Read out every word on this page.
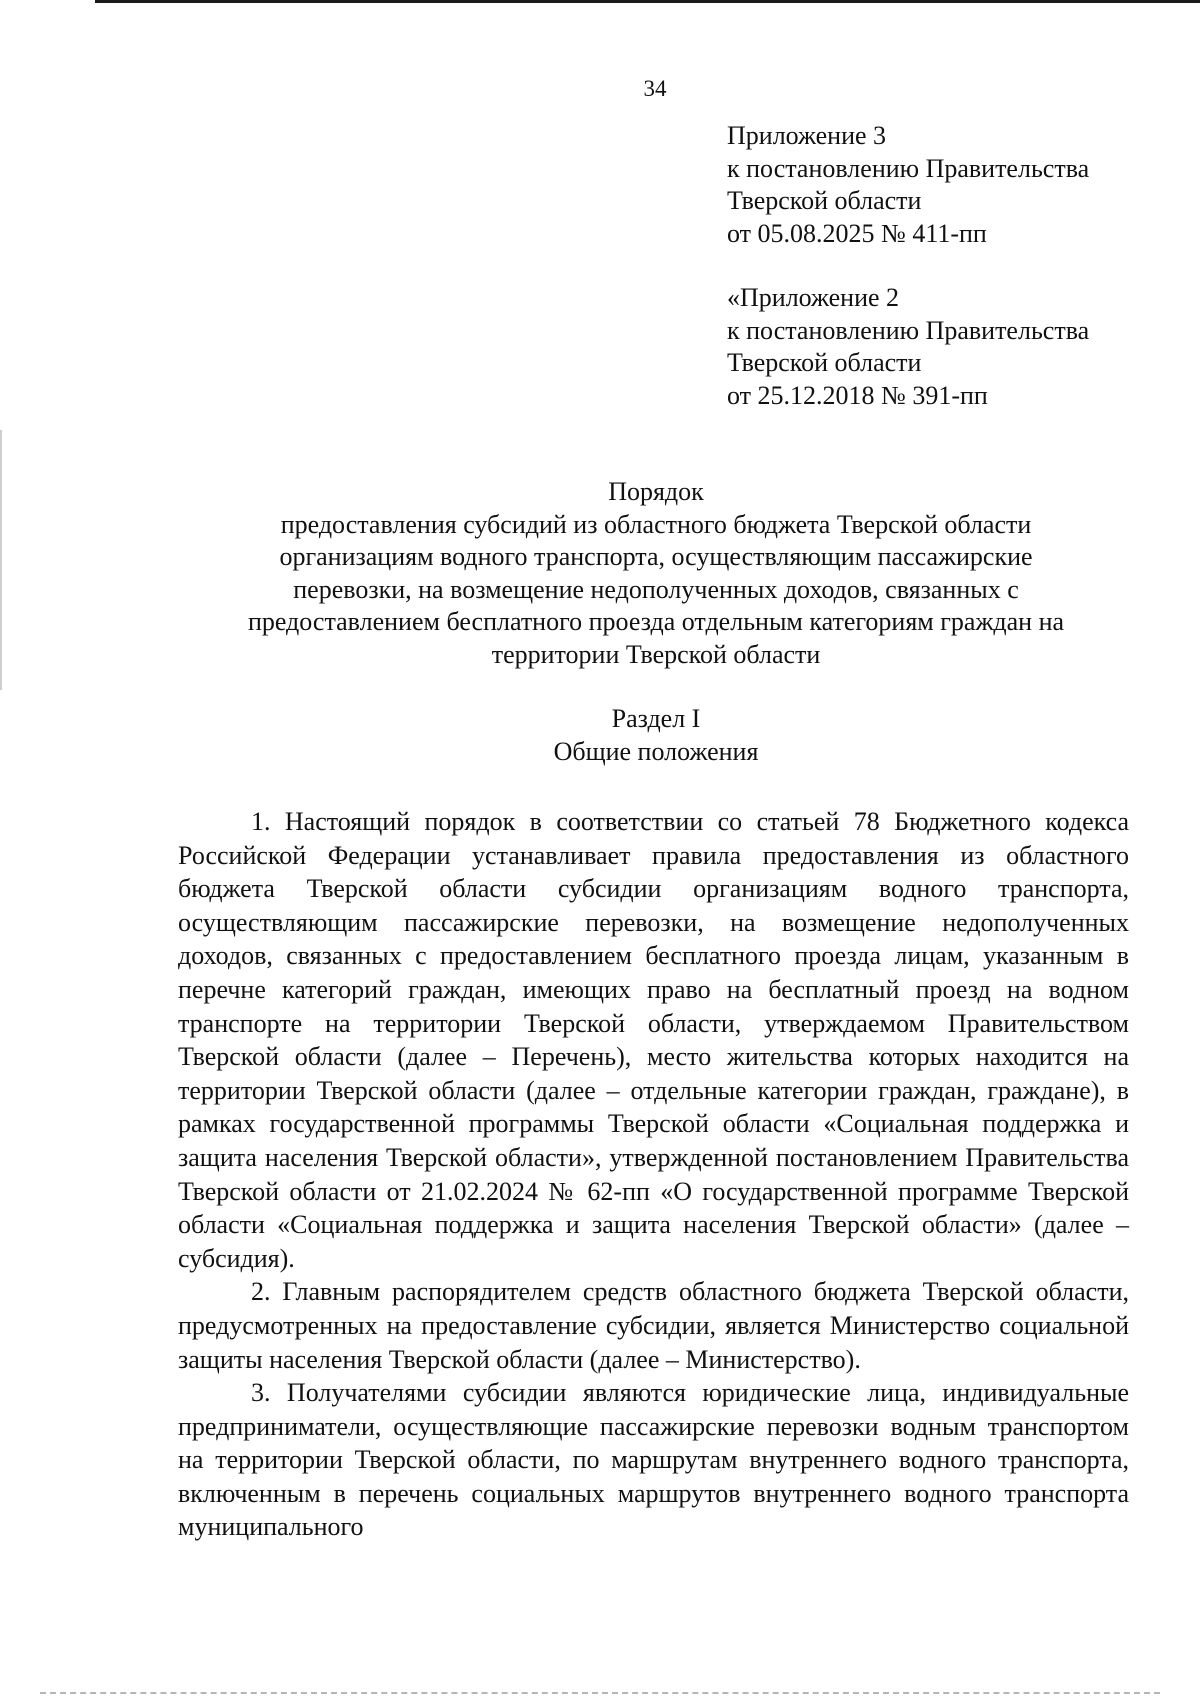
34
Приложение 3
к постановлению Правительства
Тверской области
от 05.08.2025 № 411-пп
«Приложение 2
к постановлению Правительства
Тверской области
от 25.12.2018 № 391-пп
Порядок
предоставления субсидий из областного бюджета Тверской области
организациям водного транспорта, осуществляющим пассажирские
перевозки, на возмещение недополученных доходов, связанных с
предоставлением бесплатного проезда отдельным категориям граждан на
территории Тверской области
Раздел I
Общие положения

1. Настоящий порядок в соответствии со статьей 78 Бюджетного кодекса Российской Федерации устанавливает правила предоставления из областного бюджета Тверской области субсидии организациям водного транспорта, осуществляющим пассажирские перевозки, на возмещение недополученных доходов, связанных с предоставлением бесплатного проезда лицам, указанным в перечне категорий граждан, имеющих право на бесплатный проезд на водном транспорте на территории Тверской области, утверждаемом Правительством Тверской области (далее – Перечень), место жительства которых находится на территории Тверской области (далее – отдельные категории граждан, граждане), в рамках государственной программы Тверской области «Социальная поддержка и защита населения Тверской области», утвержденной постановлением Правительства Тверской области от 21.02.2024 № 62-пп «О государственной программе Тверской области «Социальная поддержка и защита населения Тверской области» (далее – субсидия).

2. Главным распорядителем средств областного бюджета Тверской области, предусмотренных на предоставление субсидии, является Министерство социальной защиты населения Тверской области (далее – Министерство).

3. Получателями субсидии являются юридические лица, индивидуальные предприниматели, осуществляющие пассажирские перевозки водным транспортом на территории Тверской области, по маршрутам внутреннего водного транспорта, включенным в перечень социальных маршрутов внутреннего водного транспорта муниципального
